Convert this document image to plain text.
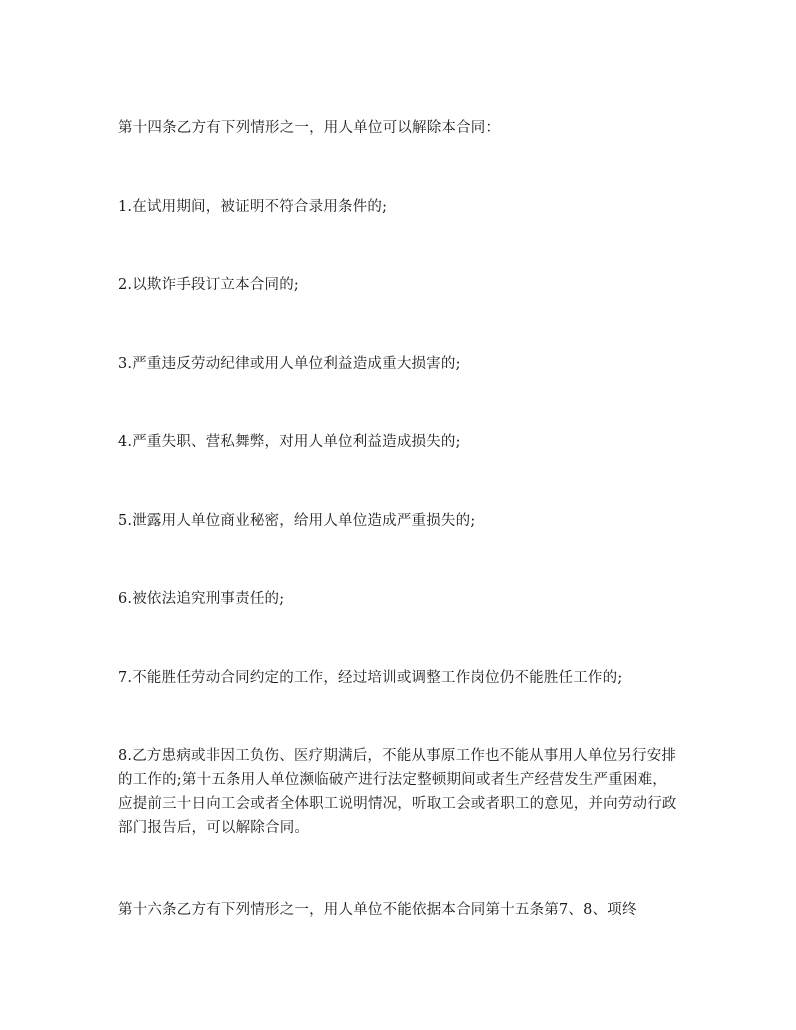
第十四条乙方有下列情形之一，用人单位可以解除本合同：

1.在试用期间，被证明不符合录用条件的;

2.以欺诈手段订立本合同的;

3.严重违反劳动纪律或用人单位利益造成重大损害的;

4.严重失职、营私舞弊，对用人单位利益造成损失的;

5.泄露用人单位商业秘密，给用人单位造成严重损失的;

6.被依法追究刑事责任的;

7.不能胜任劳动合同约定的工作，经过培训或调整工作岗位仍不能胜任工作的;

8.乙方患病或非因工负伤、医疗期满后，不能从事原工作也不能从事用人单位另行安排的工作的;第十五条用人单位濒临破产进行法定整顿期间或者生产经营发生严重困难，应提前三十日向工会或者全体职工说明情况，听取工会或者职工的意见，并向劳动行政部门报告后，可以解除合同。

第十六条乙方有下列情形之一，用人单位不能依据本合同第十五条第7、8、项终
